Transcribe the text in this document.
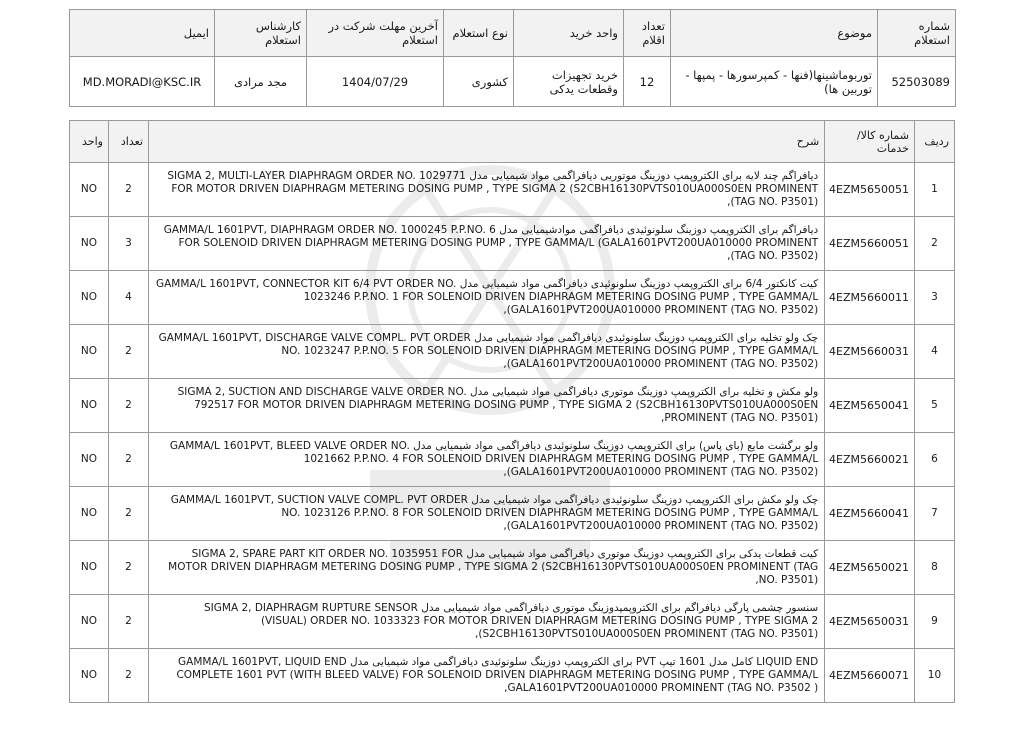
شماره استعلام	موضوع	تعداد اقلام	واحد خرید	نوع استعلام	آخرین مهلت شرکت در استعلام	کارشناس استعلام	ایمیل
52503089	توربوماشینها(فنها - کمپرسورها - پمپها - توربین ها)	12	خرید تجهیزات وقطعات یدکی	کشوری	1404/07/29	مجد مرادی	MD.MORADI@KSC.IR
ردیف	شماره کالا/خدمات	شرح	تعداد	واحد
1	4EZM5650051	دیافراگم چند لایه برای الکتروپمپ دوزینگ موتوریی دیافراگمی مواد شیمیایی مدل SIGMA 2, MULTI-LAYER DIAPHRAGM ORDER NO. 1029771 FOR MOTOR DRIVEN DIAPHRAGM METERING DOSING PUMP , TYPE SIGMA 2 (S2CBH16130PVTS010UA000S0EN PROMINENT (TAG NO. P3501),	2	NO
2	4EZM5660051	دیافراگم برای الکتروپمپ دوزینگ سلونوئیدی دیافراگمی موادشیمیایی مدل GAMMA/L 1601PVT, DIAPHRAGM ORDER NO. 1000245 P.P.NO. 6 FOR SOLENOID DRIVEN DIAPHRAGM METERING DOSING PUMP , TYPE GAMMA/L (GALA1601PVT200UA010000 PROMINENT (TAG NO. P3502),	3	NO
3	4EZM5660011	کیت کانکتور 6/4 برای الکتروپمپ دوزینگ سلونوئیدی دیافراگمی مواد شیمیایی مدل GAMMA/L 1601PVT, CONNECTOR KIT 6/4 PVT ORDER NO. 1023246 P.P.NO. 1 FOR SOLENOID DRIVEN DIAPHRAGM METERING DOSING PUMP , TYPE GAMMA/L (GALA1601PVT200UA010000 PROMINENT (TAG NO. P3502),	4	NO
4	4EZM5660031	چک ولو تخلیه برای الکتروپمپ دوزینگ سلونوئیدی دیافراگمی مواد شیمیایی مدل GAMMA/L 1601PVT, DISCHARGE VALVE COMPL. PVT ORDER NO. 1023247 P.P.NO. 5 FOR SOLENOID DRIVEN DIAPHRAGM METERING DOSING PUMP , TYPE GAMMA/L (GALA1601PVT200UA010000 PROMINENT (TAG NO. P3502),	2	NO
5	4EZM5650041	ولو مکش و تخلیه برای الکتروپمپ دوزینگ موتوری دیافراگمی مواد شیمیایی مدل SIGMA 2, SUCTION AND DISCHARGE VALVE ORDER NO. 792517 FOR MOTOR DRIVEN DIAPHRAGM METERING DOSING PUMP , TYPE SIGMA 2 (S2CBH16130PVTS010UA000S0EN PROMINENT (TAG NO. P3501),	2	NO
6	4EZM5660021	ولو برگشت مایع (بای پاس) برای الکتروپمپ دوزینگ سلونوئیدی دیافراگمی مواد شیمیایی مدل GAMMA/L 1601PVT, BLEED VALVE ORDER NO. 1021662 P.P.NO. 4 FOR SOLENOID DRIVEN DIAPHRAGM METERING DOSING PUMP , TYPE GAMMA/L (GALA1601PVT200UA010000 PROMINENT (TAG NO. P3502),	2	NO
7	4EZM5660041	چک ولو مکش برای الکتروپمپ دوزینگ سلونوئیدی دیافراگمی مواد شیمیایی مدل GAMMA/L 1601PVT, SUCTION VALVE COMPL. PVT ORDER NO. 1023126 P.P.NO. 8 FOR SOLENOID DRIVEN DIAPHRAGM METERING DOSING PUMP , TYPE GAMMA/L (GALA1601PVT200UA010000 PROMINENT (TAG NO. P3502),	2	NO
8	4EZM5650021	کیت قطعات یدکی برای الکتروپمپ دوزینگ موتوری دیافراگمی مواد شیمیایی مدل SIGMA 2, SPARE PART KIT ORDER NO. 1035951 FOR MOTOR DRIVEN DIAPHRAGM METERING DOSING PUMP , TYPE SIGMA 2 (S2CBH16130PVTS010UA000S0EN PROMINENT (TAG NO. P3501),	2	NO
9	4EZM5650031	سنسور چشمی پارگی دیافراگم برای الکتروپمپدوزینگ موتوری دیافراگمی مواد شیمیایی مدل SIGMA 2, DIAPHRAGM RUPTURE SENSOR (VISUAL) ORDER NO. 1033323 FOR MOTOR DRIVEN DIAPHRAGM METERING DOSING PUMP , TYPE SIGMA 2 (S2CBH16130PVTS010UA000S0EN PROMINENT (TAG NO. P3501),	2	NO
10	4EZM5660071	LIQUID END کامل مدل 1601 تیپ PVT برای الکتروپمپ دوزینگ سلونوئیدی دیافراگمی مواد شیمیایی مدل GAMMA/L 1601PVT, LIQUID END COMPLETE 1601 PVT (WITH BLEED VALVE) FOR SOLENOID DRIVEN DIAPHRAGM METERING DOSING PUMP , TYPE GAMMA/L GALA1601PVT200UA010000 PROMINENT (TAG NO. P3502 ),	2	NO
